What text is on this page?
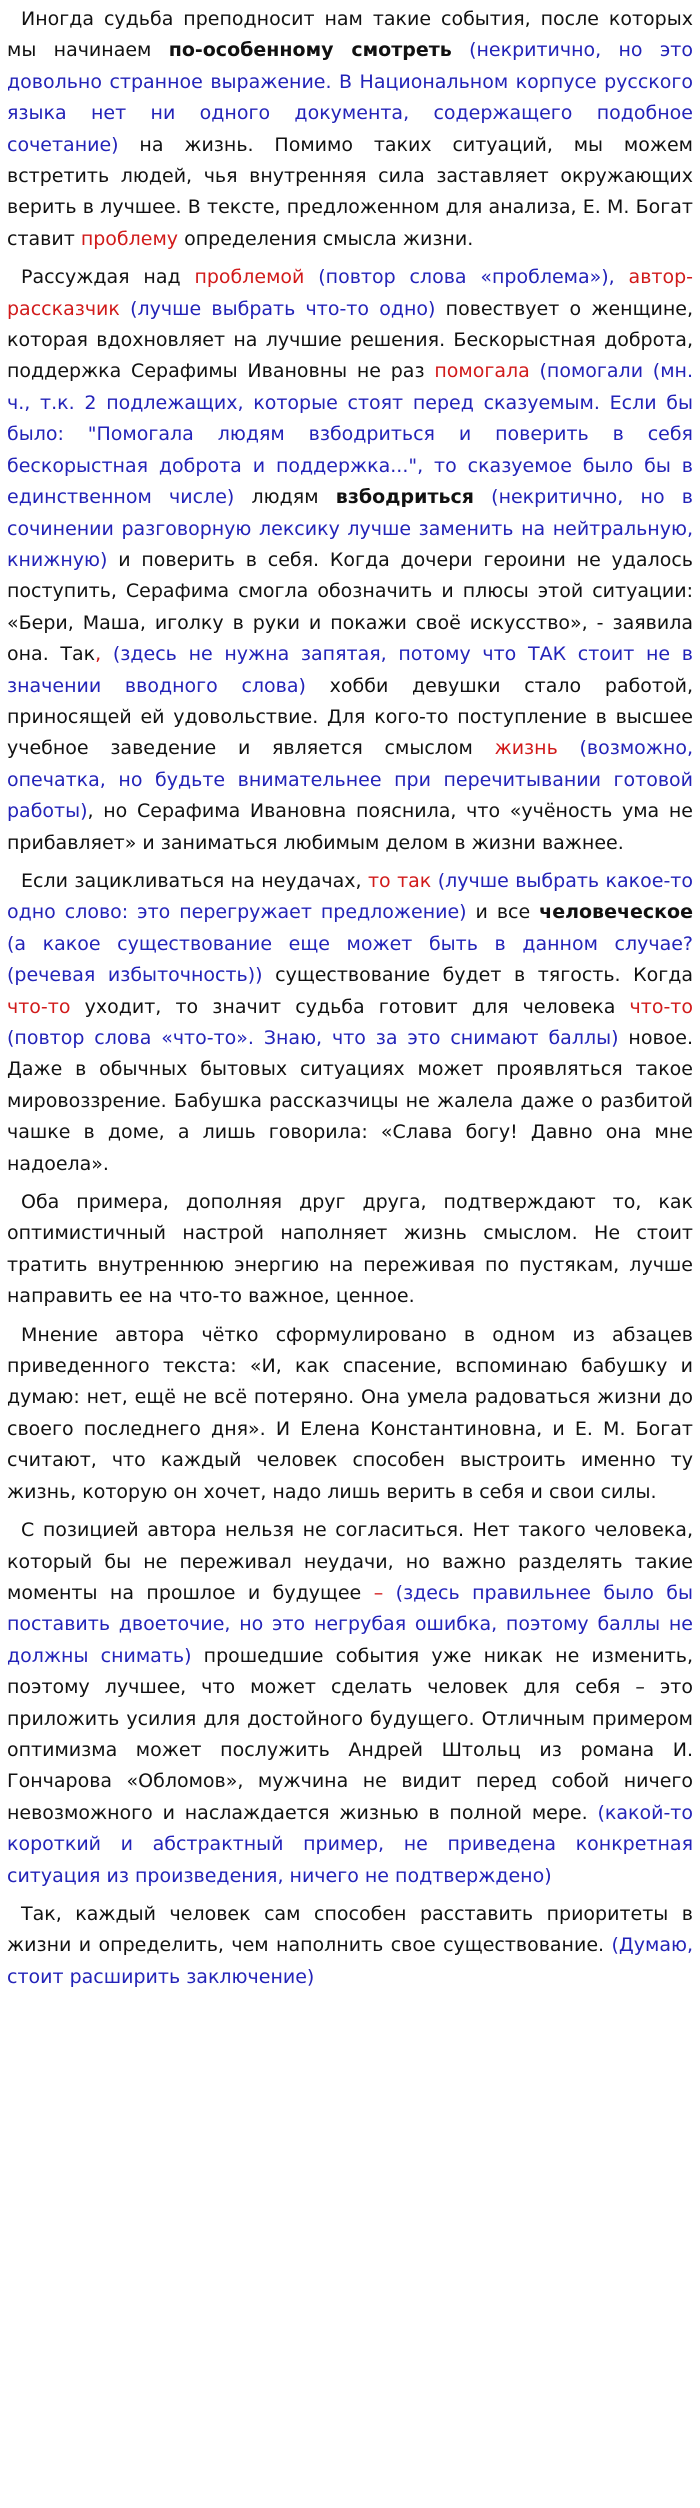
Иногда судьба преподносит нам такие события, после которых мы начинаем по-особенному смотреть (некритично, но это довольно странное выражение. В Национальном корпусе русского языка нет ни одного документа, содержащего подобное сочетание) на жизнь. Помимо таких ситуаций, мы можем встретить людей, чья внутренняя сила заставляет окружающих верить в лучшее. В тексте, предложенном для анализа, Е. М. Богат ставит проблему определения смысла жизни.

Рассуждая над проблемой (повтор слова «проблема»), автор-рассказчик (лучше выбрать что-то одно) повествует о женщине, которая вдохновляет на лучшие решения. Бескорыстная доброта, поддержка Серафимы Ивановны не раз помогала (помогали (мн. ч., т.к. 2 подлежащих, которые стоят перед сказуемым. Если бы было: "Помогала людям взбодриться и поверить в себя бескорыстная доброта и поддержка...", то сказуемое было бы в единственном числе) людям взбодриться (некритично, но в сочинении разговорную лексику лучше заменить на нейтральную, книжную) и поверить в себя. Когда дочери героини не удалось поступить, Серафима смогла обозначить и плюсы этой ситуации: «Бери, Маша, иголку в руки и покажи своё искусство», - заявила она. Так, (здесь не нужна запятая, потому что ТАК стоит не в значении вводного слова) хобби девушки стало работой, приносящей ей удовольствие. Для кого-то поступление в высшее учебное заведение и является смыслом жизнь (возможно, опечатка, но будьте внимательнее при перечитывании готовой работы), но Серафима Ивановна пояснила, что «учёность ума не прибавляет» и заниматься любимым делом в жизни важнее.

Если зацикливаться на неудачах, то так (лучше выбрать какое-то одно слово: это перегружает предложение) и все человеческое (а какое существование еще может быть в данном случае? (речевая избыточность)) существование будет в тягость. Когда что-то уходит, то значит судьба готовит для человека что-то (повтор слова «что-то». Знаю, что за это снимают баллы) новое. Даже в обычных бытовых ситуациях может проявляться такое мировоззрение. Бабушка рассказчицы не жалела даже о разбитой чашке в доме, а лишь говорила: «Слава богу! Давно она мне надоела».

Оба примера, дополняя друг друга, подтверждают то, как оптимистичный настрой наполняет жизнь смыслом. Не стоит тратить внутреннюю энергию на переживая по пустякам, лучше направить ее на что-то важное, ценное.

Мнение автора чётко сформулировано в одном из абзацев приведенного текста: «И, как спасение, вспоминаю бабушку и думаю: нет, ещё не всё потеряно. Она умела радоваться жизни до своего последнего дня». И Елена Константиновна, и Е. М. Богат считают, что каждый человек способен выстроить именно ту жизнь, которую он хочет, надо лишь верить в себя и свои силы.

С позицией автора нельзя не согласиться. Нет такого человека, который бы не переживал неудачи, но важно разделять такие моменты на прошлое и будущее – (здесь правильнее было бы поставить двоеточие, но это негрубая ошибка, поэтому баллы не должны снимать) прошедшие события уже никак не изменить, поэтому лучшее, что может сделать человек для себя – это приложить усилия для достойного будущего. Отличным примером оптимизма может послужить Андрей Штольц из романа И. Гончарова «Обломов», мужчина не видит перед собой ничего невозможного и наслаждается жизнью в полной мере. (какой-то короткий и абстрактный пример, не приведена конкретная ситуация из произведения, ничего не подтверждено)

Так, каждый человек сам способен расставить приоритеты в жизни и определить, чем наполнить свое существование. (Думаю, стоит расширить заключение)
